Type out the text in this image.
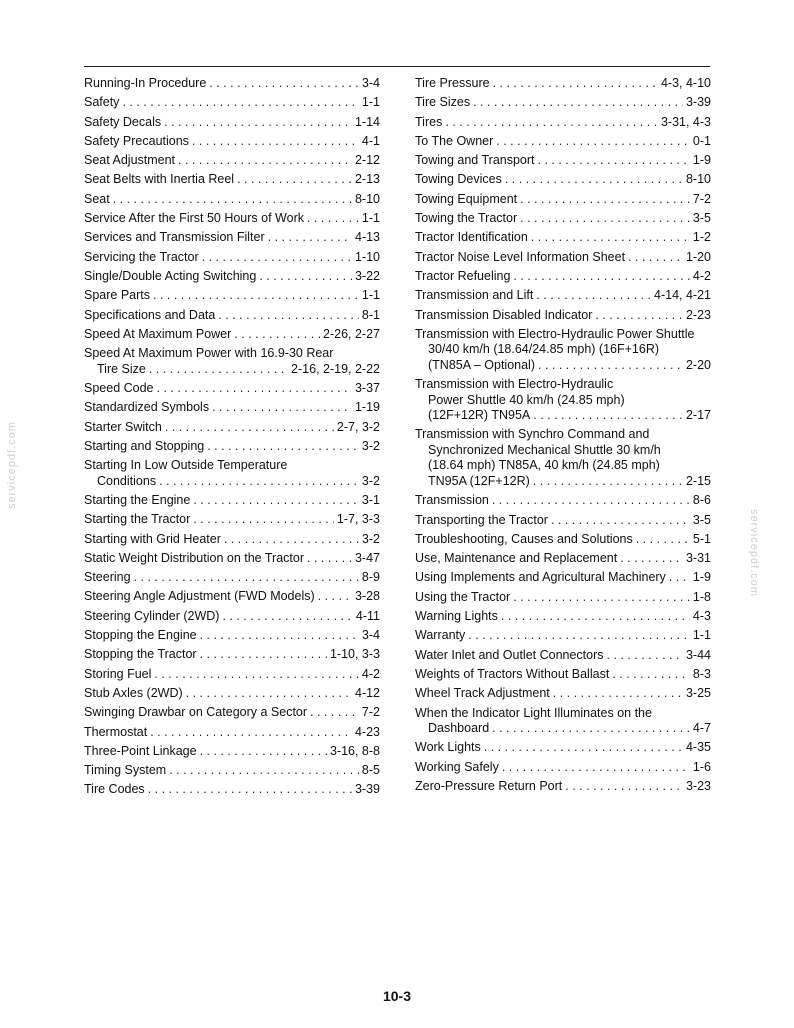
Running-In Procedure . . .	3-4
Safety . . .	1-1
Safety Decals . . .	1-14
Safety Precautions . . .	4-1
Seat Adjustment . . .	2-12
Seat Belts with Inertia Reel . . .	2-13
Seat . . .	8-10
Service After the First 50 Hours of Work . . .	1-1
Services and Transmission Filter . . .	4-13
Servicing the Tractor . . .	1-10
Single/Double Acting Switching . . .	3-22
Spare Parts . . .	1-1
Specifications and Data . . .	8-1
Speed At Maximum Power . . .	2-26, 2-27
Speed At Maximum Power with 16.9-30 Rear
Tire Size . . .	2-16, 2-19, 2-22
Speed Code . . .	3-37
Standardized Symbols . . .	1-19
Starter Switch . . .	2-7, 3-2
Starting and Stopping . . .	3-2
Starting In Low Outside Temperature
Conditions . . .	3-2
Starting the Engine . . .	3-1
Starting the Tractor . . .	1-7, 3-3
Starting with Grid Heater . . .	3-2
Static Weight Distribution on the Tractor . . .	3-47
Steering . . .	8-9
Steering Angle Adjustment (FWD Models) . . .	3-28
Steering Cylinder (2WD) . . .	4-11
Stopping the Engine . . .	3-4
Stopping the Tractor . . .	1-10, 3-3
Storing Fuel . . .	4-2
Stub Axles (2WD) . . .	4-12
Swinging Drawbar on Category a Sector . . .	7-2
Thermostat . . .	4-23
Three-Point Linkage . . .	3-16, 8-8
Timing System . . .	8-5
Tire Codes . . .	3-39
Tire Pressure . . .	4-3, 4-10
Tire Sizes . . .	3-39
Tires . . .	3-31, 4-3
To The Owner . . .	0-1
Towing and Transport . . .	1-9
Towing Devices . . .	8-10
Towing Equipment . . .	7-2
Towing the Tractor . . .	3-5
Tractor Identification . . .	1-2
Tractor Noise Level Information Sheet . . .	1-20
Tractor Refueling . . .	4-2
Transmission and Lift . . .	4-14, 4-21
Transmission Disabled Indicator . . .	2-23
Transmission with Electro-Hydraulic Power Shuttle
30/40 km/h (18.64/24.85 mph) (16F+16R)
(TN85A – Optional) . . .	2-20
Transmission with Electro-Hydraulic
Power Shuttle 40 km/h (24.85 mph)
(12F+12R) TN95A . . .	2-17
Transmission with Synchro Command and
Synchronized Mechanical Shuttle 30 km/h
(18.64 mph) TN85A, 40 km/h (24.85 mph)
TN95A (12F+12R) . . .	2-15
Transmission . . .	8-6
Transporting the Tractor . . .	3-5
Troubleshooting, Causes and Solutions . . .	5-1
Use, Maintenance and Replacement . . .	3-31
Using Implements and Agricultural Machinery . . . 1-9
Using the Tractor . . .	1-8
Warning Lights . . .	4-3
Warranty . . .	1-1
Water Inlet and Outlet Connectors . . .	3-44
Weights of Tractors Without Ballast . . .	8-3
Wheel Track Adjustment . . .	3-25
When the Indicator Light Illuminates on the
Dashboard . . .	4-7
Work Lights . . .	4-35
Working Safely . . .	1-6
Zero-Pressure Return Port . . .	3-23
servicepdf.com
servicepdf.com
10-3
